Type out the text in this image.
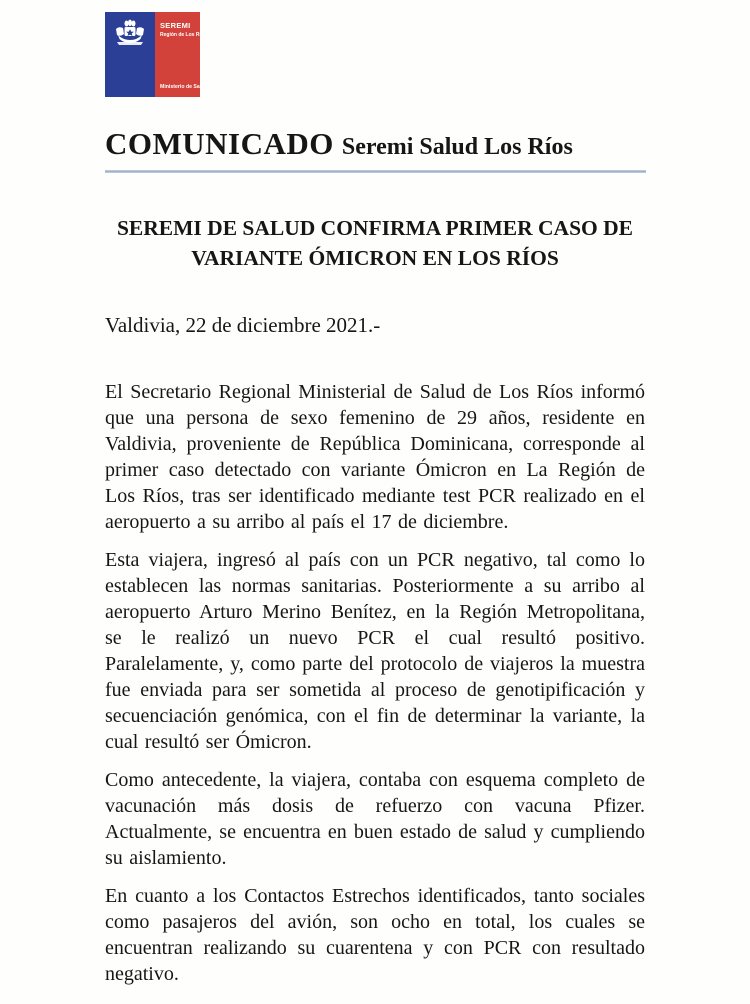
SEREMI
Región de Los Ríos
Ministerio de Salud
COMUNICADO Seremi Salud Los Ríos
SEREMI DE SALUD CONFIRMA PRIMER CASO DE
VARIANTE ÓMICRON EN LOS RÍOS

Valdivia, 22 de diciembre 2021.-

El Secretario Regional Ministerial de Salud de Los Ríos informó que una persona de sexo femenino de 29 años, residente en Valdivia, proveniente de República Dominicana, corresponde al primer caso detectado con variante Ómicron en La Región de Los Ríos, tras ser identificado mediante test PCR realizado en el aeropuerto a su arribo al país el 17 de diciembre.

Esta viajera, ingresó al país con un PCR negativo, tal como lo establecen las normas sanitarias. Posteriormente a su arribo al aeropuerto Arturo Merino Benítez, en la Región Metropolitana, se le realizó un nuevo PCR el cual resultó positivo. Paralelamente, y, como parte del protocolo de viajeros la muestra fue enviada para ser sometida al proceso de genotipificación y secuenciación genómica, con el fin de determinar la variante, la cual resultó ser Ómicron.

Como antecedente, la viajera, contaba con esquema completo de vacunación más dosis de refuerzo con vacuna Pfizer. Actualmente, se encuentra en buen estado de salud y cumpliendo su aislamiento.

En cuanto a los Contactos Estrechos identificados, tanto sociales como pasajeros del avión, son ocho en total, los cuales se encuentran realizando su cuarentena y con PCR con resultado negativo.
